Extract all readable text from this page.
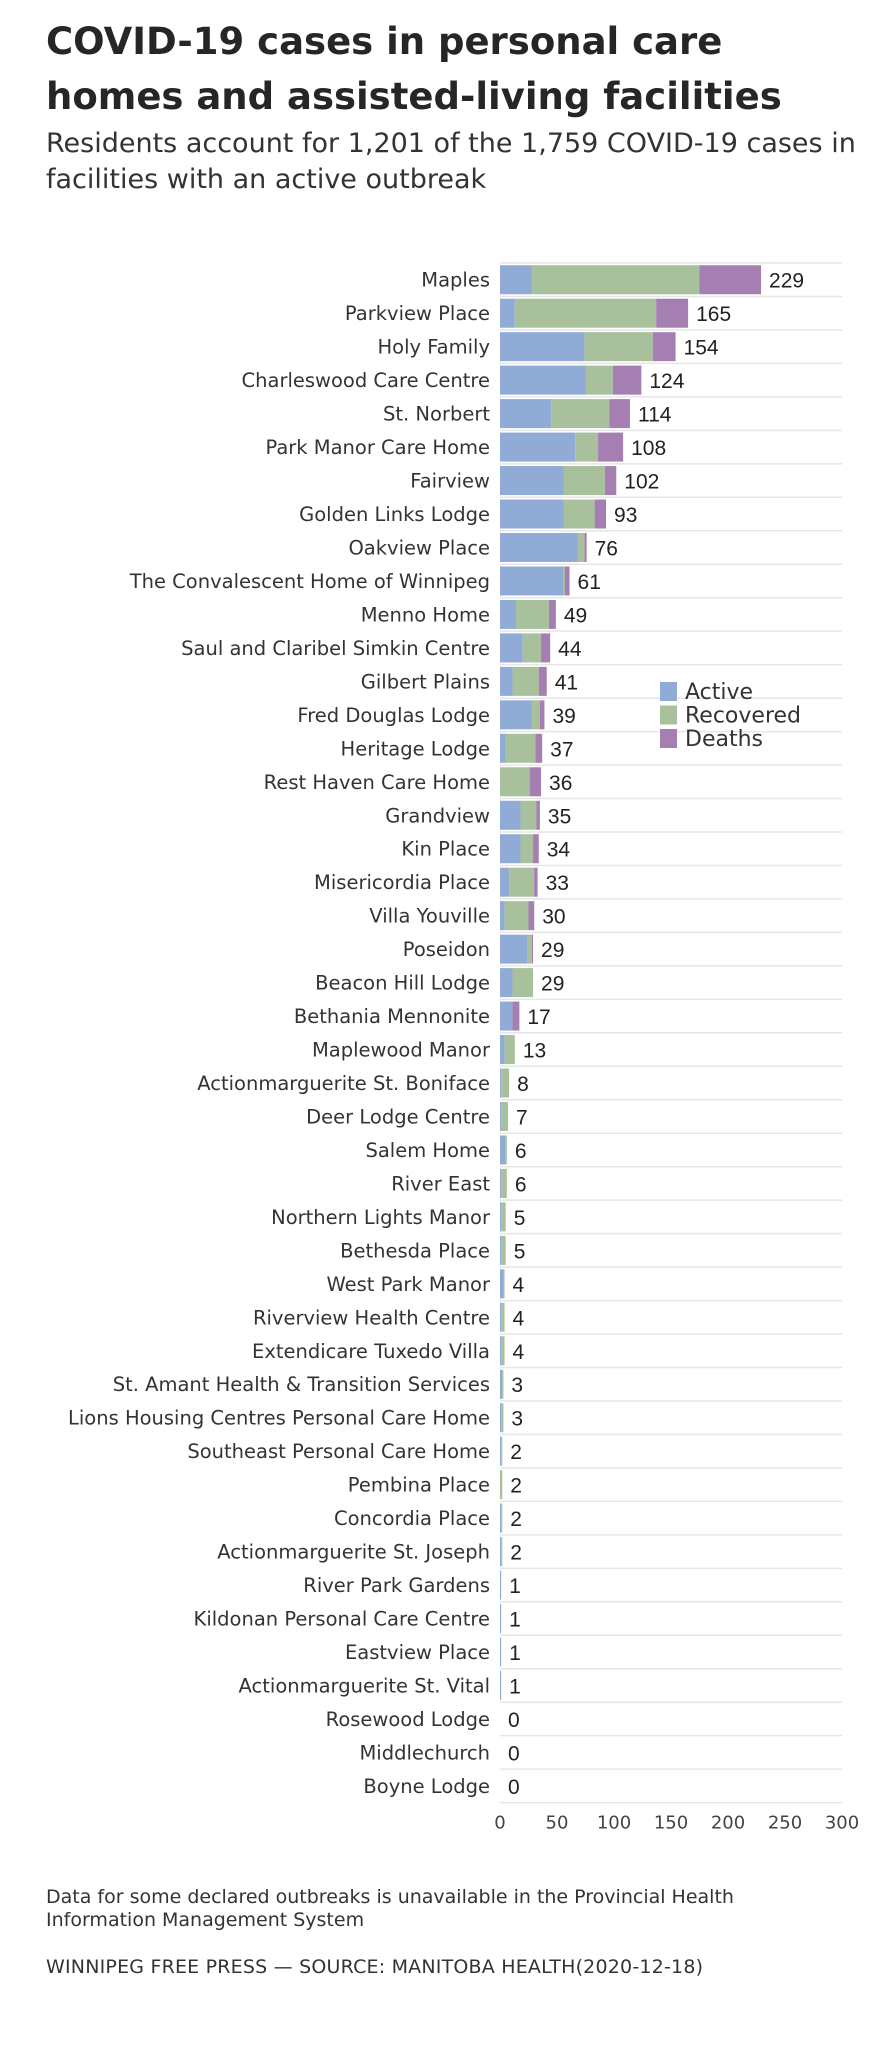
COVID-19 cases in personal care homes and assisted-living facilities
Residents account for 1,201 of the 1,759 COVID-19 cases in facilities with an active outbreak
Maples	229
Parkview Place	165
Holy Family	154
Charleswood Care Centre	124
St. Norbert	114
Park Manor Care Home	108
Fairview	102
Golden Links Lodge	93
Oakview Place	76
The Convalescent Home of Winnipeg	61
Menno Home	49
Saul and Claribel Simkin Centre	44
Gilbert Plains	41
Fred Douglas Lodge	39
Heritage Lodge	37
Rest Haven Care Home	36
Grandview	35
Kin Place	34
Misericordia Place	33
Villa Youville 30
Poseidon 29
Beacon Hill Lodge 29
Bethania Mennonite 17
Maplewood Manor 13
Actionmarguerite St. Boniface 8
Deer Lodge Centre 7
Salem Home 6
River East 6
Northern Lights Manor 5
Bethesda Place 5
West Park Manor 4
Riverview Health Centre 4
Extendicare Tuxedo Villa 4
St. Amant Health & Transition Services 3
Lions Housing Centres Personal Care Home 3
Southeast Personal Care Home 2
Pembina Place 2
Concordia Place 2
Actionmarguerite St. Joseph 2
River Park Gardens 1
Kildonan Personal Care Centre 1
Eastview Place 1
Actionmarguerite St. Vital 1
Rosewood Lodge 0
Middlechurch 0
Boyne Lodge 0
0 50 100 150 200 250 300
Active
Recovered
Deaths
Data for some declared outbreaks is unavailable in the Provincial Health Information Management System
WINNIPEG FREE PRESS — SOURCE: MANITOBA HEALTH(2020-12-18)
